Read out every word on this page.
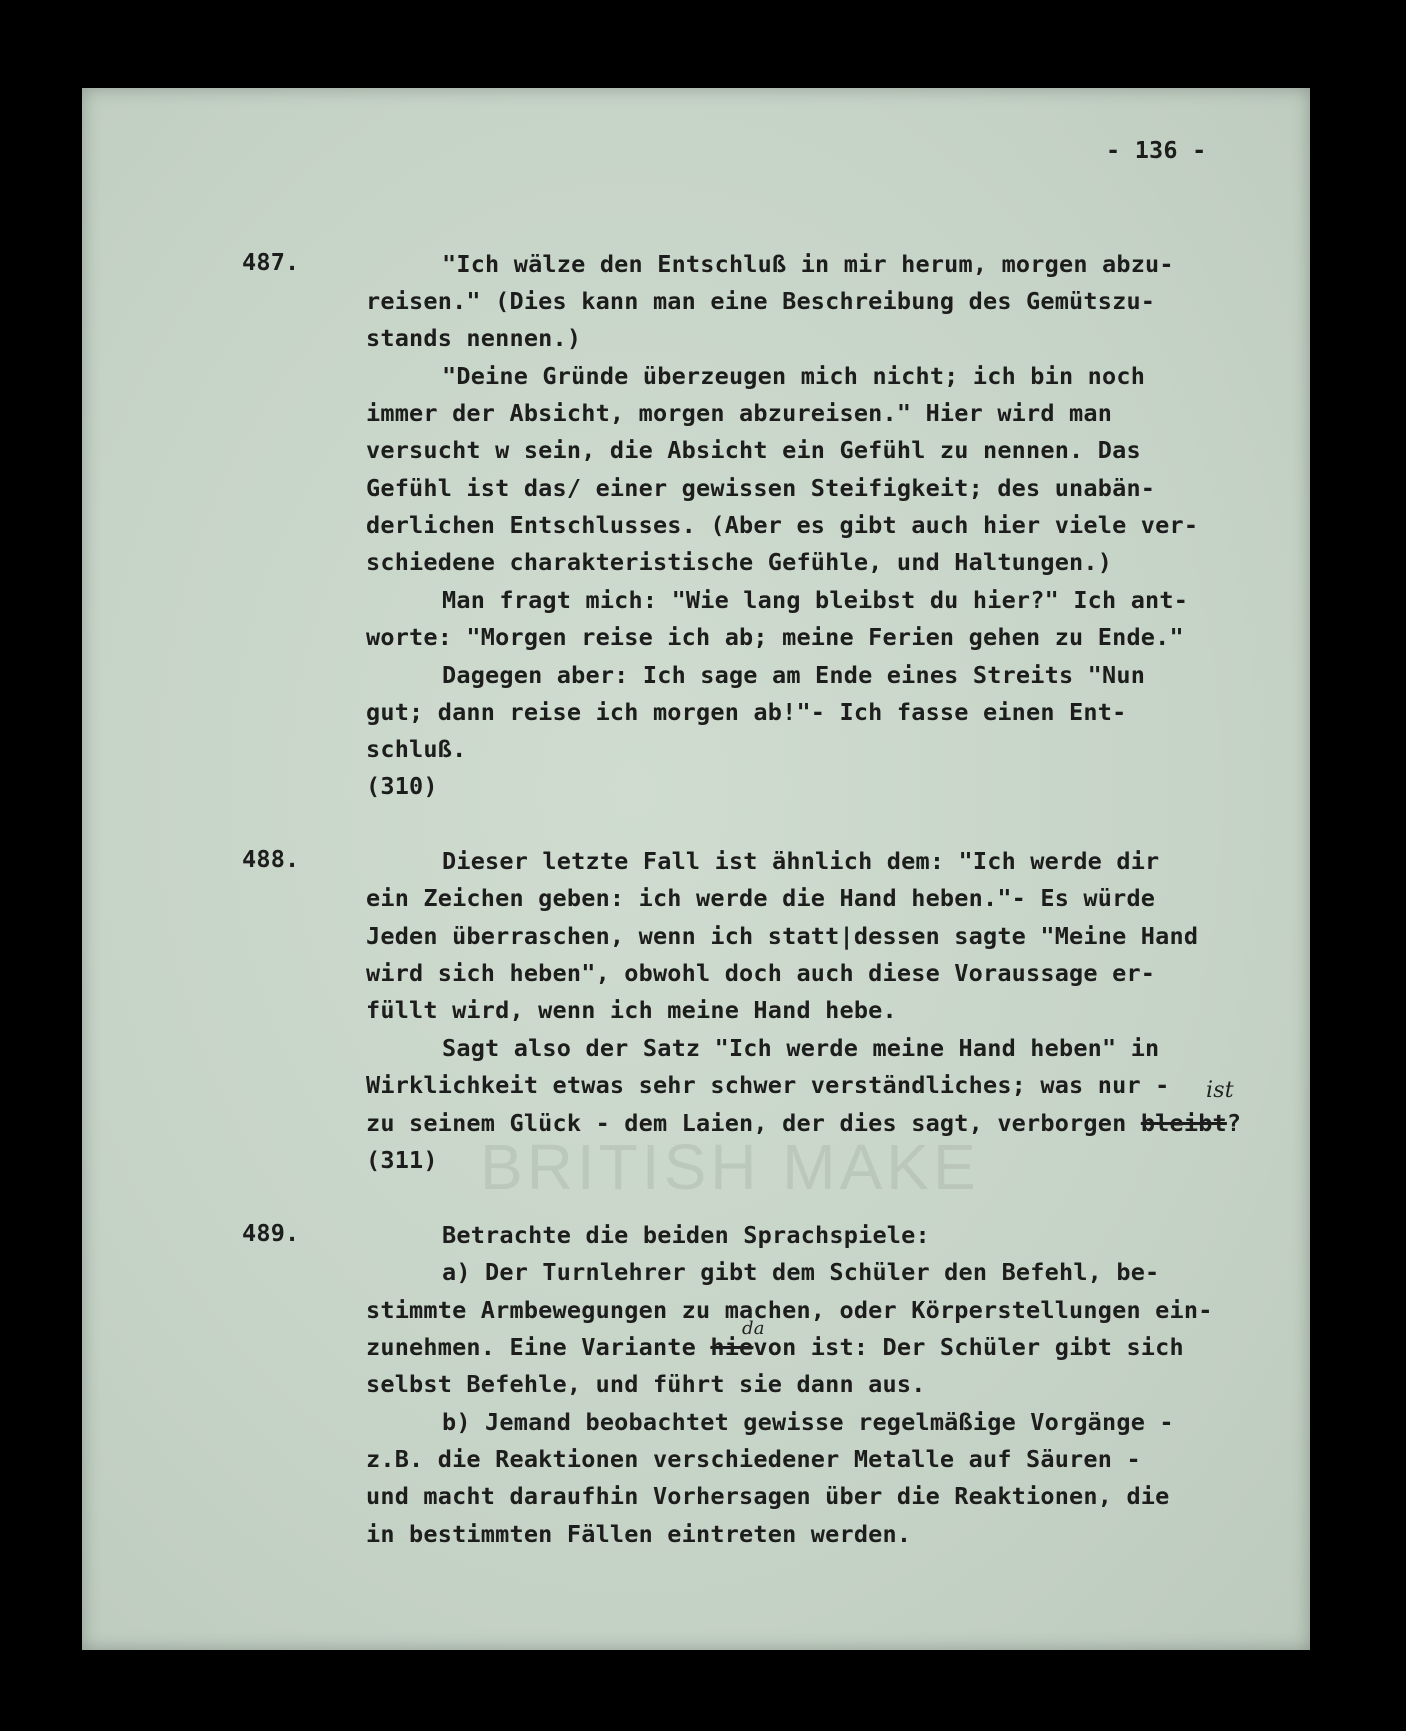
BRITISH MAKE
- 136 -
487.	"Ich wälze den Entschluß in mir herum, morgen abzu-
reisen." (Dies kann man eine Beschreibung des Gemütszu-
stands nennen.)
"Deine Gründe überzeugen mich nicht; ich bin noch
immer der Absicht, morgen abzureisen." Hier wird man
versucht w sein, die Absicht ein Gefühl zu nennen. Das
Gefühl ist das/ einer gewissen Steifigkeit; des unabän-
derlichen Entschlusses. (Aber es gibt auch hier viele ver-
schiedene charakteristische Gefühle, und Haltungen.)
Man fragt mich: "Wie lang bleibst du hier?" Ich ant-
worte: "Morgen reise ich ab; meine Ferien gehen zu Ende."
Dagegen aber: Ich sage am Ende eines Streits "Nun
gut; dann reise ich morgen ab!"- Ich fasse einen Ent-
schluß.
(310)
488.	Dieser letzte Fall ist ähnlich dem: "Ich werde dir
ein Zeichen geben: ich werde die Hand heben."- Es würde
Jeden überraschen, wenn ich statt|dessen sagte "Meine Hand
wird sich heben", obwohl doch auch diese Voraussage er-
füllt wird, wenn ich meine Hand hebe.
Sagt also der Satz "Ich werde meine Hand heben" in
Wirklichkeit etwas sehr schwer verständliches; was nur - ist
zu seinem Glück - dem Laien, der dies sagt, verborgen bleibt?
(311)
489.	Betrachte die beiden Sprachspiele:
a) Der Turnlehrer gibt dem Schüler den Befehl, be-
stimmte Armbewegungen zu machen, oder Körperstellungen ein-
da
zunehmen. Eine Variante hievon ist: Der Schüler gibt sich
selbst Befehle, und führt sie dann aus.
b) Jemand beobachtet gewisse regelmäßige Vorgänge -
z.B. die Reaktionen verschiedener Metalle auf Säuren -
und macht daraufhin Vorhersagen über die Reaktionen, die
in bestimmten Fällen eintreten werden.
